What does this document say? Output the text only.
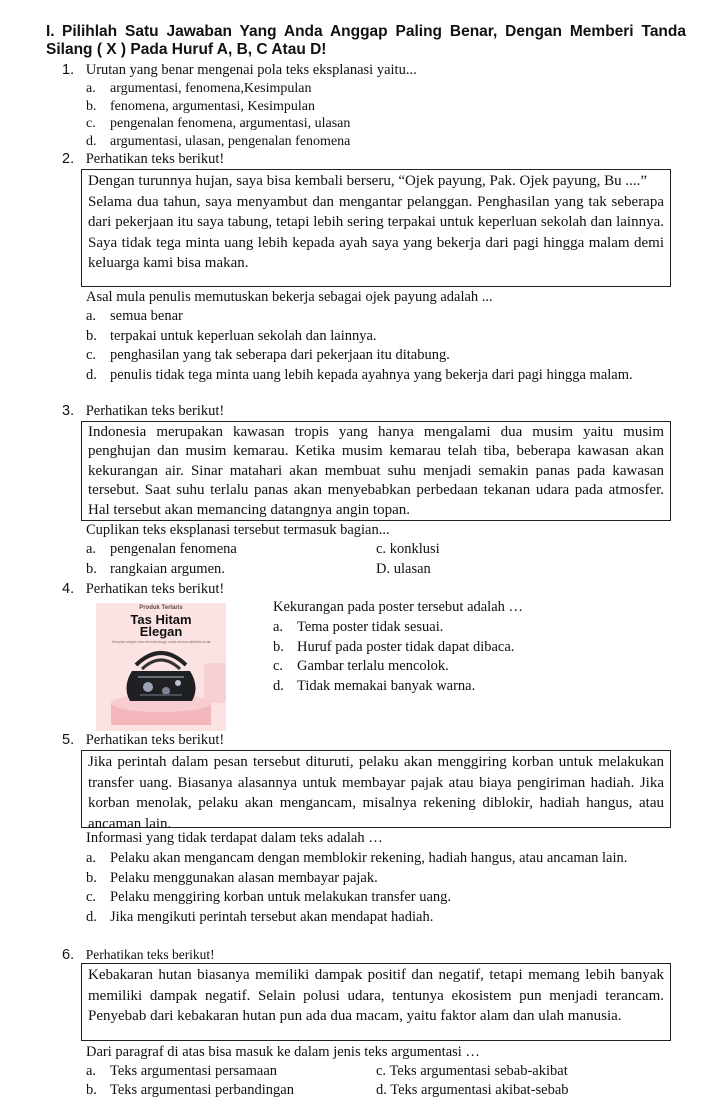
I. Pilihlah Satu Jawaban Yang Anda Anggap Paling Benar, Dengan Memberi Tanda Silang ( X ) Pada Huruf A, B, C Atau D!
1. Urutan yang benar mengenai pola teks eksplanasi yaitu...
a. argumentasi, fenomena,Kesimpulan
b. fenomena, argumentasi, Kesimpulan
c. pengenalan fenomena, argumentasi, ulasan
d. argumentasi, ulasan, pengenalan fenomena
2. Perhatikan teks berikut!

Dengan turunnya hujan, saya bisa kembali berseru, “Ojek payung, Pak. Ojek payung, Bu ....”

Selama dua tahun, saya menyambut dan mengantar pelanggan. Penghasilan yang tak seberapa dari pekerjaan itu saya tabung, tetapi lebih sering terpakai untuk keperluan sekolah dan lainnya. Saya tidak tega minta uang lebih kepada ayah saya yang bekerja dari pagi hingga malam demi keluarga kami bisa makan.

Asal mula penulis memutuskan bekerja sebagai ojek payung adalah ...
a. semua benar
b. terpakai untuk keperluan sekolah dan lainnya.
c. penghasilan yang tak seberapa dari pekerjaan itu ditabung.
d. penulis tidak tega minta uang lebih kepada ayahnya yang bekerja dari pagi hingga malam.
3. Perhatikan teks berikut!

Indonesia merupakan kawasan tropis yang hanya mengalami dua musim yaitu musim penghujan dan musim kemarau. Ketika musim kemarau telah tiba, beberapa kawasan akan kekurangan air. Sinar matahari akan membuat suhu menjadi semakin panas pada kawasan tersebut. Saat suhu terlalu panas akan menyebabkan perbedaan tekanan udara pada atmosfer. Hal tersebut akan memancing datangnya angin topan.

Cuplikan teks eksplanasi tersebut termasuk bagian...
a. pengenalan fenomena
b. rangkaian argumen.
c. konklusi
D. ulasan
4. Perhatikan teks berikut!
Produk Terlaris
Tas Hitam
Elegan
Tampilan elegan dan bermutu tinggi untuk semua aktivitas Anda
Kekurangan pada poster tersebut adalah …
a. Tema poster tidak sesuai.
b. Huruf pada poster tidak dapat dibaca.
c. Gambar terlalu mencolok.
d. Tidak memakai banyak warna.
5. Perhatikan teks berikut!

Jika perintah dalam pesan tersebut dituruti, pelaku akan menggiring korban untuk melakukan transfer uang. Biasanya alasannya untuk membayar pajak atau biaya pengiriman hadiah. Jika korban menolak, pelaku akan mengancam, misalnya rekening diblokir, hadiah hangus, atau ancaman lain.

Informasi yang tidak terdapat dalam teks adalah …
a. Pelaku akan mengancam dengan memblokir rekening, hadiah hangus, atau ancaman lain.
b. Pelaku menggunakan alasan membayar pajak.
c. Pelaku menggiring korban untuk melakukan transfer uang.
d. Jika mengikuti perintah tersebut akan mendapat hadiah.
6. Perhatikan teks berikut!

Kebakaran hutan biasanya memiliki dampak positif dan negatif, tetapi memang lebih banyak memiliki dampak negatif. Selain polusi udara, tentunya ekosistem pun menjadi terancam. Penyebab dari kebakaran hutan pun ada dua macam, yaitu faktor alam dan ulah manusia.

Dari paragraf di atas bisa masuk ke dalam jenis teks argumentasi …
a. Teks argumentasi persamaan
b. Teks argumentasi perbandingan
c. Teks argumentasi sebab-akibat
d. Teks argumentasi akibat-sebab
